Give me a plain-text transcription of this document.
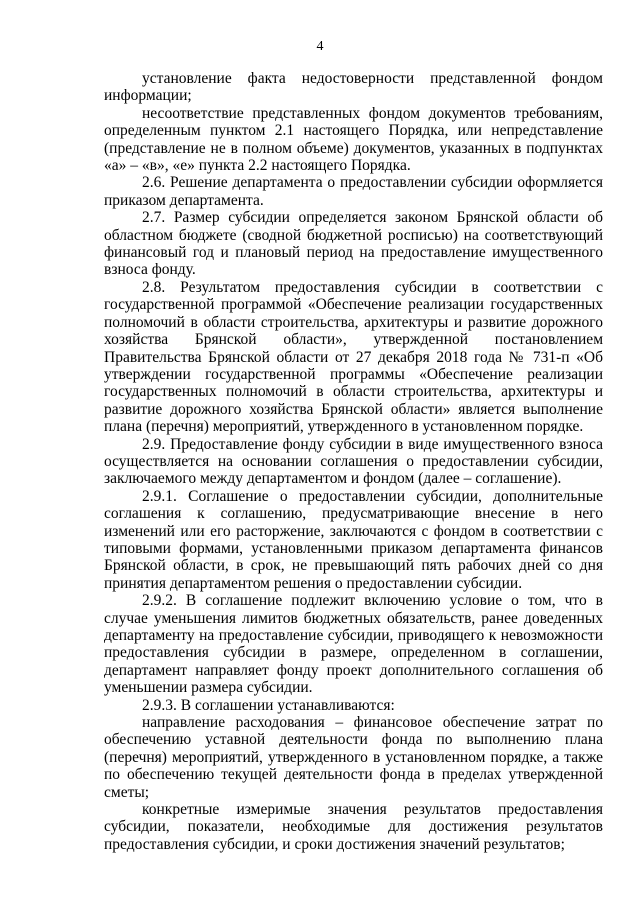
4

установление факта недостоверности представленной фондом информации;

несоответствие представленных фондом документов требованиям, определенным пунктом 2.1 настоящего Порядка, или непредставление (представление не в полном объеме) документов, указанных в подпунктах «а» – «в», «е» пункта 2.2 настоящего Порядка.

2.6. Решение департамента о предоставлении субсидии оформляется приказом департамента.

2.7. Размер субсидии определяется законом Брянской области об областном бюджете (сводной бюджетной росписью) на соответствующий финансовый год и плановый период на предоставление имущественного взноса фонду.

2.8. Результатом предоставления субсидии в соответствии с государственной программой «Обеспечение реализации государственных полномочий в области строительства, архитектуры и развитие дорожного хозяйства Брянской области», утвержденной постановлением Правительства Брянской области от 27 декабря 2018 года № 731-п «Об утверждении государственной программы «Обеспечение реализации государственных полномочий в области строительства, архитектуры и развитие дорожного хозяйства Брянской области» является выполнение плана (перечня) мероприятий, утвержденного в установленном порядке.

2.9. Предоставление фонду субсидии в виде имущественного взноса осуществляется на основании соглашения о предоставлении субсидии, заключаемого между департаментом и фондом (далее – соглашение).

2.9.1. Соглашение о предоставлении субсидии, дополнительные соглашения к соглашению, предусматривающие внесение в него изменений или его расторжение, заключаются с фондом в соответствии с типовыми формами, установленными приказом департамента финансов Брянской области, в срок, не превышающий пять рабочих дней со дня принятия департаментом решения о предоставлении субсидии.

2.9.2. В соглашение подлежит включению условие о том, что в случае уменьшения лимитов бюджетных обязательств, ранее доведенных департаменту на предоставление субсидии, приводящего к невозможности предоставления субсидии в размере, определенном в соглашении, департамент направляет фонду проект дополнительного соглашения об уменьшении размера субсидии.

2.9.3. В соглашении устанавливаются:

направление расходования – финансовое обеспечение затрат по обеспечению уставной деятельности фонда по выполнению плана (перечня) мероприятий, утвержденного в установленном порядке, а также по обеспечению текущей деятельности фонда в пределах утвержденной сметы;

конкретные измеримые значения результатов предоставления субсидии, показатели, необходимые для достижения результатов предоставления субсидии, и сроки достижения значений результатов;
